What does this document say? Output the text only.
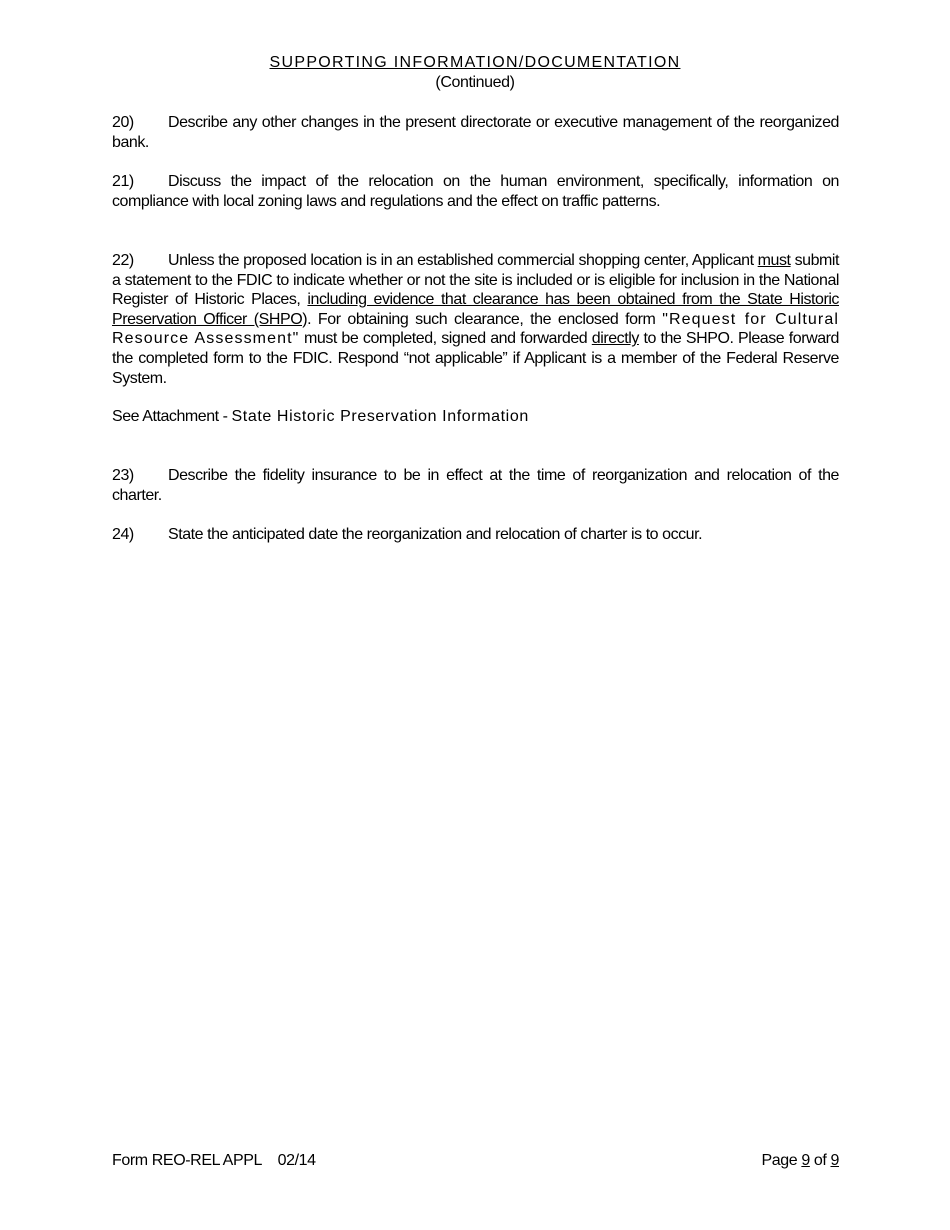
SUPPORTING INFORMATION/DOCUMENTATION
(Continued)
20) Describe any other changes in the present directorate or executive management of the reorganized bank.
21) Discuss the impact of the relocation on the human environment, specifically, information on compliance with local zoning laws and regulations and the effect on traffic patterns.
22) Unless the proposed location is in an established commercial shopping center, Applicant must submit a statement to the FDIC to indicate whether or not the site is included or is eligible for inclusion in the National Register of Historic Places, including evidence that clearance has been obtained from the State Historic Preservation Officer (SHPO). For obtaining such clearance, the enclosed form "Request for Cultural Resource Assessment" must be completed, signed and forwarded directly to the SHPO. Please forward the completed form to the FDIC. Respond “not applicable” if Applicant is a member of the Federal Reserve System.
See Attachment - State Historic Preservation Information
23) Describe the fidelity insurance to be in effect at the time of reorganization and relocation of the charter.
24) State the anticipated date the reorganization and relocation of charter is to occur.
Form REO-REL APPL    02/14	Page 9 of 9
